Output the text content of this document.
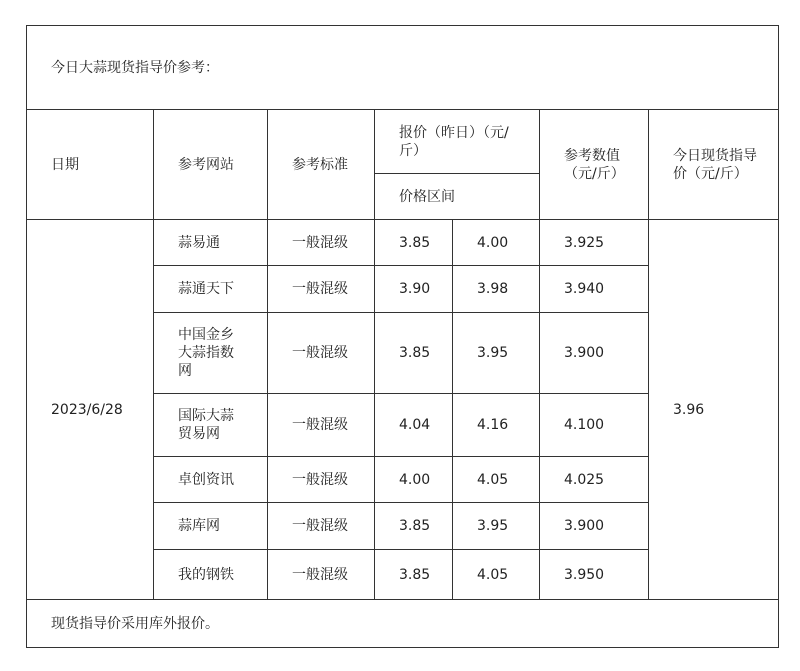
今日大蒜现货指导价参考：						
日期	参考网站	参考标准	报价（昨日）（元/斤）		参考数值（元/斤）	今日现货指导价（元/斤）

			价格区间			
2023/6/28	蒜易通	一般混级	3.85	4.00	3.925	3.96
	蒜通天下	一般混级	3.90	3.98	3.940	

	中国金乡大蒜指数网	一般混级	3.85	3.95	3.900	

	国际大蒜贸易网	一般混级	4.04	4.16	4.100	
	卓创资讯	一般混级	4.00	4.05	4.025	
	蒜库网	一般混级	3.85	3.95	3.900	
	我的钢铁	一般混级	3.85	4.05	3.950	
现货指导价采用库外报价。						
